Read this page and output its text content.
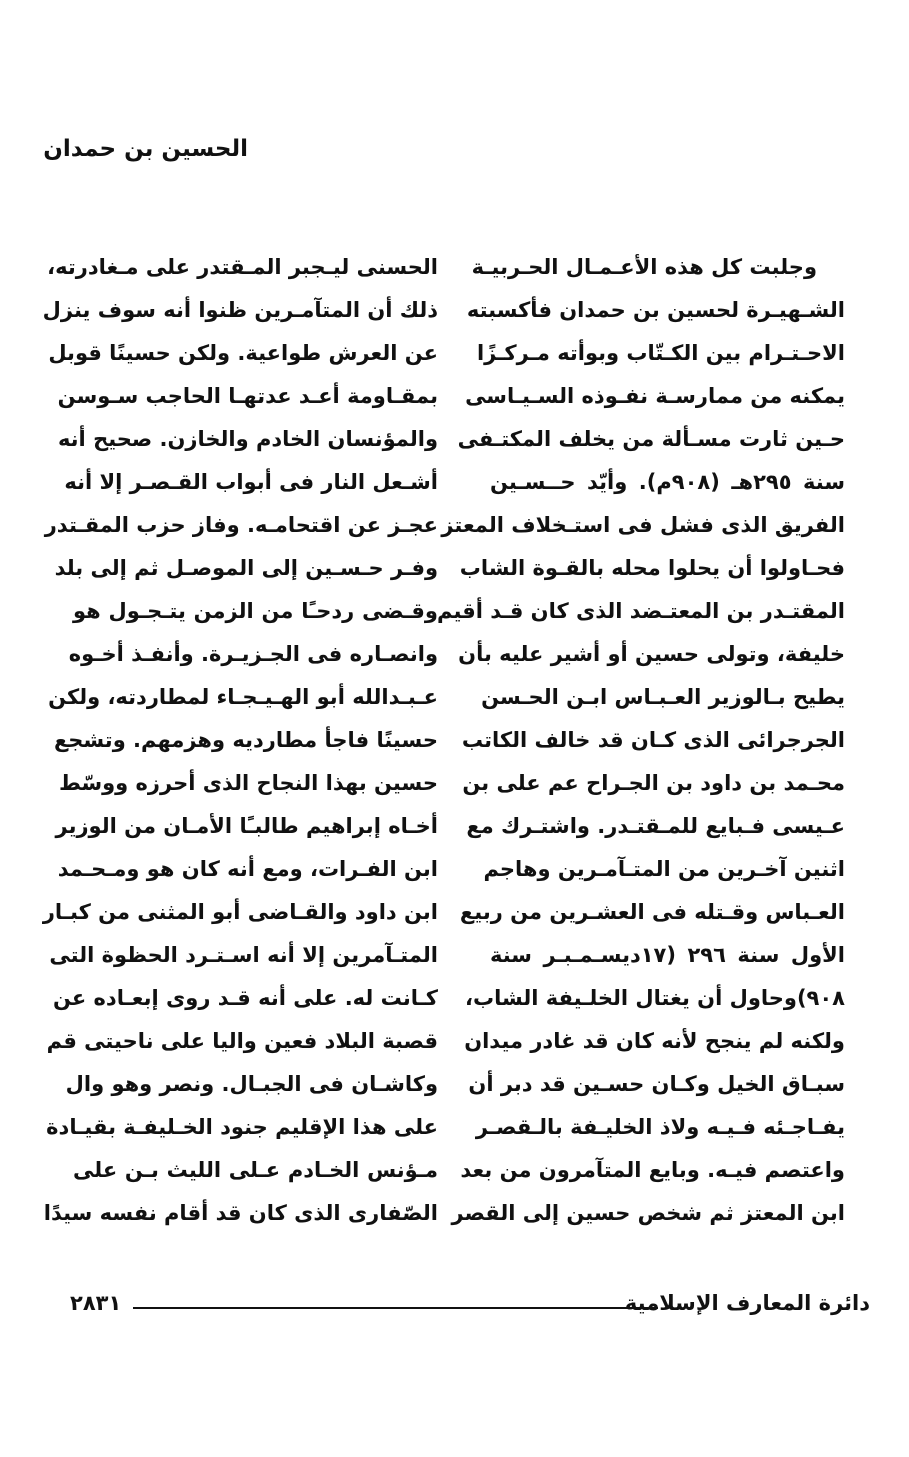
الحسين بن حمدان
وجلبت كل هذه الأعـمـال الحـربيـة
الشـهيـرة لحسين بن حمدان فأكسبته
الاحـتـرام بين الكـتّاب وبوأته مـركـزًا
يمكنه من ممارسـة نفـوذه السـيـاسى
حـين ثارت مسـألة من يخلف المكتـفى
سنة ٢٩٥هـ (٩٠٨م). وأيّد حــسـين
الفريق الذى فشل فى استـخلاف المعتز
فحـاولوا أن يحلوا محله بالقـوة الشاب
المقتـدر بن المعتـضد الذى كان قـد أقيم
خليفة، وتولى حسين أو أشير عليه بأن
يطيح بـالوزير العـبـاس ابـن الحـسن
الجرجرائى الذى كـان قد خالف الكاتب
محـمد بن داود بن الجـراح عم على بن
عـيسى فـبايع للمـقتـدر. واشتـرك مع
اثنين آخـرين من المتـآمـرين وهاجم
العـباس وقـتله فى العشـرين من ربيع
الأول سنة ٢٩٦ (١٧ديسـمـبـر سنة
٩٠٨)وحاول أن يغتال الخلـيفة الشاب،
ولكنه لم ينجح لأنه كان قد غادر ميدان
سبـاق الخيل وكـان حسـين قد دبر أن
يفـاجـئه فـيـه ولاذ الخليـفة بالـقصـر
واعتصم فيـه. وبايع المتآمرون من بعد
ابن المعتز ثم شخص حسين إلى القصر
الحسنى ليـجبر المـقتدر على مـغادرته،
ذلك أن المتآمـرين ظنوا أنه سوف ينزل
عن العرش طواعية. ولكن حسينًا قوبل
بمقـاومة أعـد عدتهـا الحاجب سـوسن
والمؤنسان الخادم والخازن. صحيح أنه
أشـعل النار فى أبواب القـصـر إلا أنه
عجـز عن اقتحامـه. وفاز حزب المقـتدر
وفـر حـسـين إلى الموصـل ثم إلى بلد
وقـضى ردحـًا من الزمن يتـجـول هو
وانصـاره فى الجـزيـرة. وأنفـذ أخـوه
عـبـدالله أبو الهـيـجـاء لمطاردته، ولكن
حسينًا فاجأ مطارديه وهزمهم. وتشجع
حسين بهذا النجاح الذى أحرزه ووسّط
أخـاه إبراهيم طالبـًا الأمـان من الوزير
ابن الفـرات، ومع أنه كان هو ومـحـمد
ابن داود والقـاضى أبو المثنى من كبـار
المتـآمرين إلا أنه اسـتـرد الحظوة التى
كـانت له. على أنه قـد روى إبعـاده عن
قصبة البلاد فعين واليا على ناحيتى قم
وكاشـان فى الجبـال. ونصر وهو وال
على هذا الإقليم جنود الخـليفـة بقيـادة
مـؤنس الخـادم عـلى الليث بـن على
الصّفارى الذى كان قد أقام نفسه سيدًا
دائرة المعارف الإسلامية
٢٨٣١
